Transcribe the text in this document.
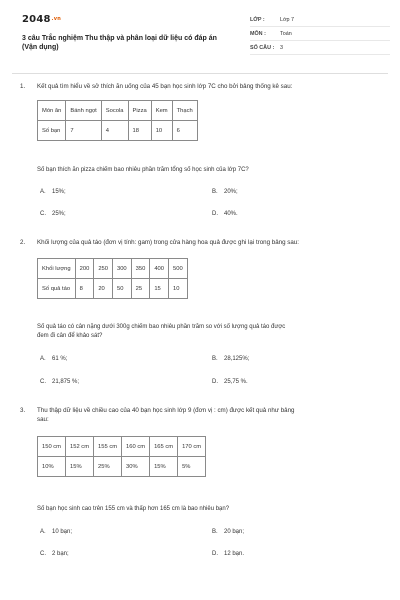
2048.vn
3 câu Trắc nghiệm Thu thập và phân loại dữ liệu có đáp án
(Vận dụng)
LỚP :	Lớp 7
MÔN :	Toán
SỐ CÂU : 3
1. Kết quả tìm hiểu về sở thích ăn uống của 45 bạn học sinh lớp 7C cho bởi bảng thống kê sau:
Món ăn	Bánh ngọt	Socola	Pizza	Kem	Thạch
Số bạn	7	4	18	10	6
Số bạn thích ăn pizza chiếm bao nhiêu phần trăm tổng số học sinh của lớp 7C?
A. 15%;	B. 20%;
C. 25%;	D. 40%.
2. Khối lượng của quả táo (đơn vị tính: gam) trong cửa hàng hoa quả được ghi lại trong bảng sau:
Khối lượng	200	250	300	350	400	500
Số quả táo	8	20	50	25	15	10
Số quả táo có cân nặng dưới 300g chiếm bao nhiêu phần trăm so với số lượng quả táo được
đem đi cân để khảo sát?
A. 61 %;	B. 28,125%;
C. 21,875 %;	D. 25,75 %.
3. Thu thập dữ liệu về chiều cao của 40 bạn học sinh lớp 9 (đơn vị : cm) được kết quả như bảng
sau:
150 cm	152 cm	155 cm	160 cm	165 cm	170 cm
10%	15%	25%	30%	15%	5%
Số bạn học sinh cao trên 155 cm và thấp hơn 165 cm là bao nhiêu bạn?
A. 10 bạn;	B. 20 bạn;
C. 2 bạn;	D. 12 bạn.
